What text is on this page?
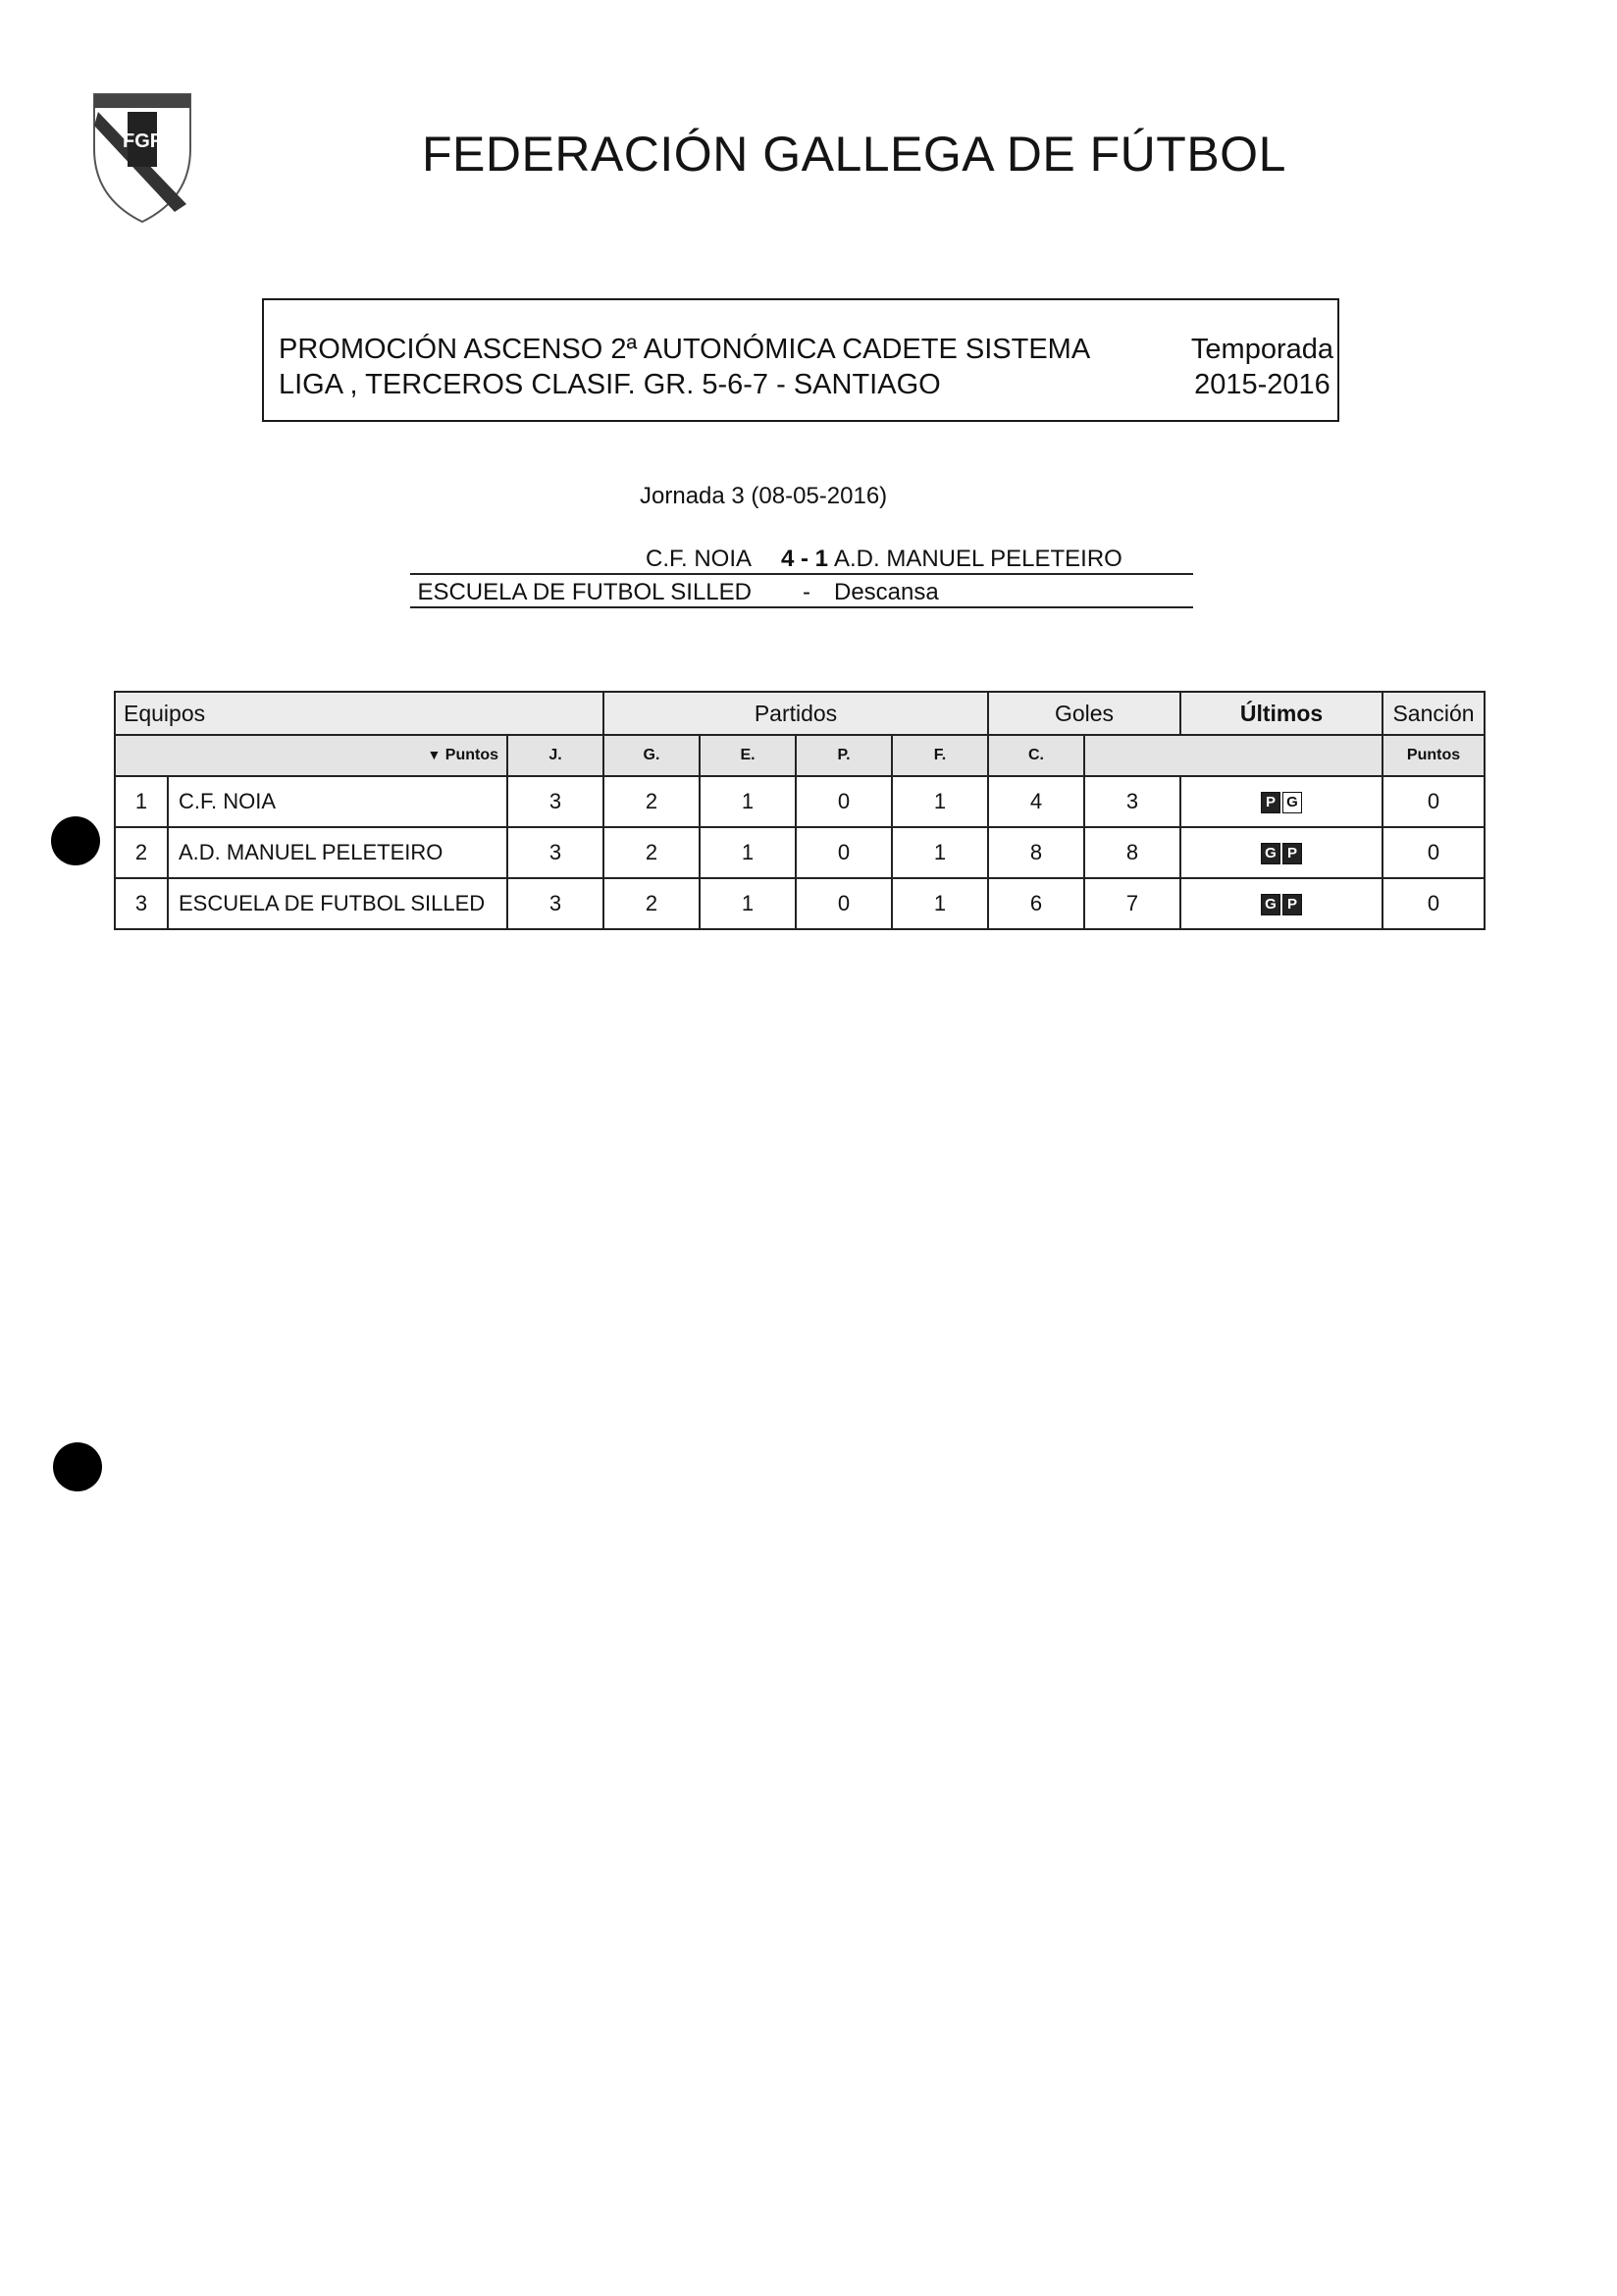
FGF	FEDERACIÓN GALLEGA DE FÚTBOL
PROMOCIÓN ASCENSO 2ª AUTONÓMICA CADETE SISTEMA LIGA , TERCEROS CLASIF. GR. 5-6-7 - SANTIAGO
Temporada
2015-2016
Jornada 3 (08-05-2016)
C.F. NOIA 4 - 1 A.D. MANUEL PELETEIRO
ESCUELA DE FUTBOL SILLED - Descansa
Equipos			Partidos				Goles		Últimos	Sanción
▼ Puntos		J.	G.	E.	P.	F.	C.			Puntos
1	C.F. NOIA	3	2	1	0	1	4	3	P G	0
2	A.D. MANUEL PELETEIRO	3	2	1	0	1	8	8	G P	0
3	ESCUELA DE FUTBOL SILLED	3	2	1	0	1	6	7	G P	0
